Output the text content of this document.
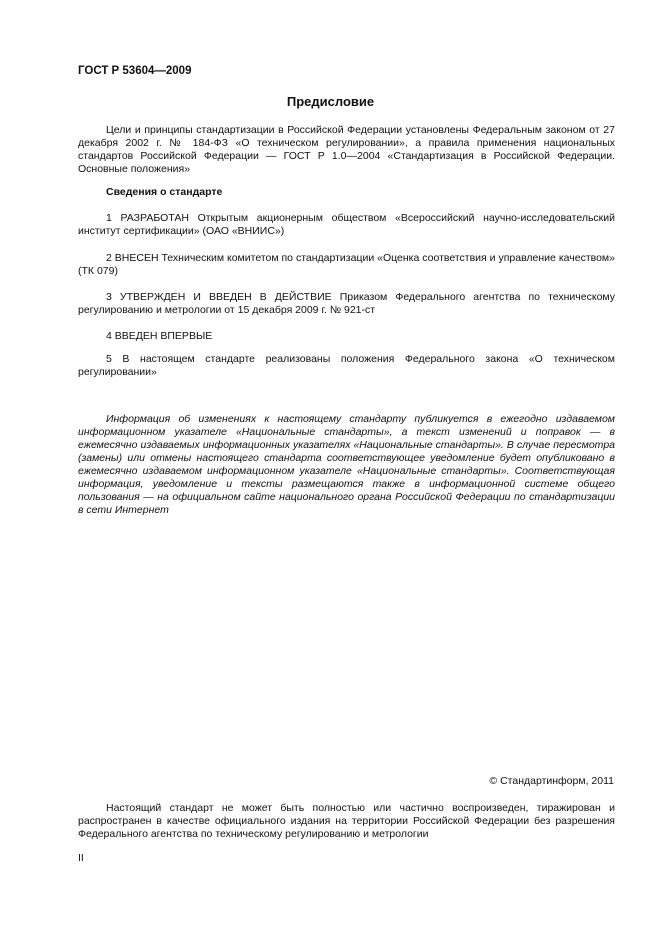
ГОСТ Р 53604—2009
Предисловие

Цели и принципы стандартизации в Российской Федерации установлены Федеральным законом от 27 декабря 2002 г. № 184-ФЗ «О техническом регулировании», а правила применения национальных стандартов Российской Федерации — ГОСТ Р 1.0—2004 «Стандартизация в Российской Федерации. Основные положения»

Сведения о стандарте

1 РАЗРАБОТАН Открытым акционерным обществом «Всероссийский научно-исследовательский институт сертификации» (ОАО «ВНИИС»)

2 ВНЕСЕН Техническим комитетом по стандартизации «Оценка соответствия и управление качеством» (ТК 079)

3 УТВЕРЖДЕН И ВВЕДЕН В ДЕЙСТВИЕ Приказом Федерального агентства по техническому регулированию и метрологии от 15 декабря 2009 г. № 921-ст

4 ВВЕДЕН ВПЕРВЫЕ

5 В настоящем стандарте реализованы положения Федерального закона «О техническом регулировании»

Информация об изменениях к настоящему стандарту публикуется в ежегодно издаваемом информационном указателе «Национальные стандарты», а текст изменений и поправок — в ежемесячно издаваемых информационных указателях «Национальные стандарты». В случае пересмотра (замены) или отмены настоящего стандарта соответствующее уведомление будет опубликовано в ежемесячно издаваемом информационном указателе «Национальные стандарты». Соответствующая информация, уведомление и тексты размещаются также в информационной системе общего пользования — на официальном сайте национального органа Российской Федерации по стандартизации в сети Интернет

© Стандартинформ, 2011

Настоящий стандарт не может быть полностью или частично воспроизведен, тиражирован и распространен в качестве официального издания на территории Российской Федерации без разрешения Федерального агентства по техническому регулированию и метрологии

II
